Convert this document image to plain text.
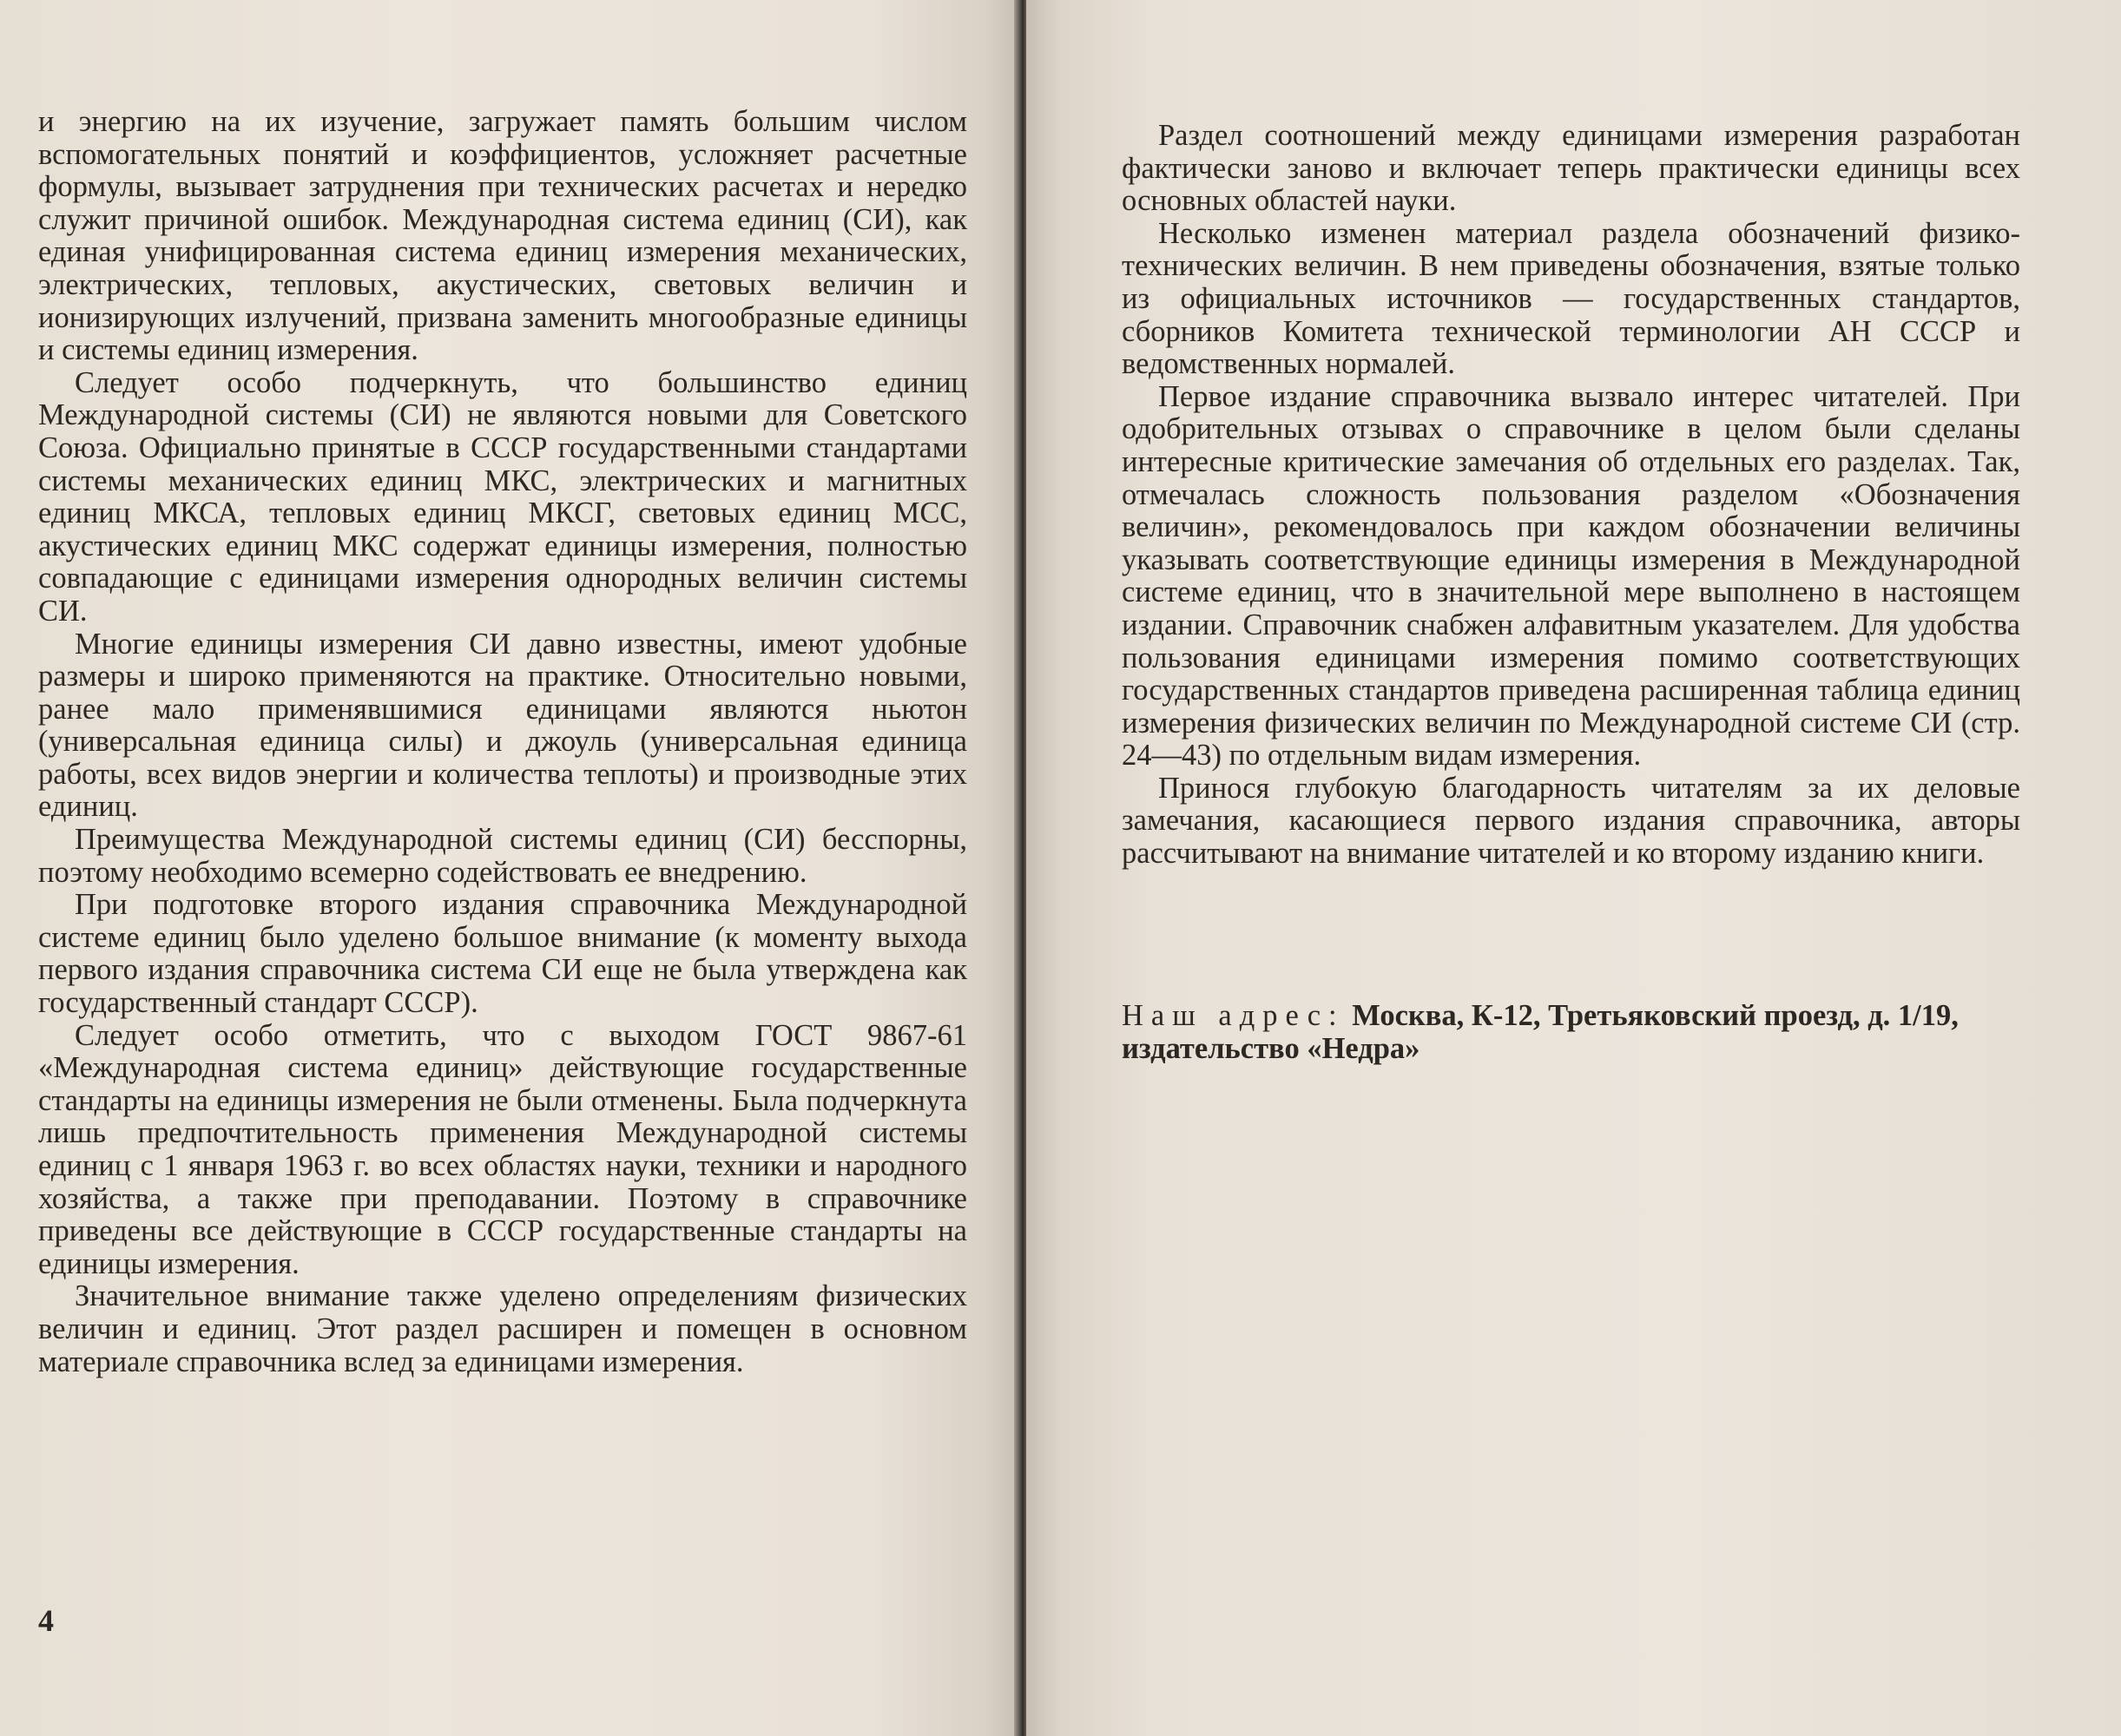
и энергию на их изучение, загружает память большим числом вспомогательных понятий и коэффициентов, усложняет расчетные формулы, вызывает затруднения при технических расчетах и нередко служит причиной ошибок. Международная система единиц (СИ), как единая унифицированная система единиц измерения механических, электрических, тепловых, акустических, световых величин и ионизирующих излучений, призвана заменить многообразные единицы и системы единиц измерения.

Следует особо подчеркнуть, что большинство единиц Международной системы (СИ) не являются новыми для Советского Союза. Официально принятые в СССР государственными стандартами системы механических единиц МКС, электрических и магнитных единиц МКСА, тепловых единиц МКСГ, световых единиц МСС, акустических единиц МКС содержат единицы измерения, полностью совпадающие с единицами измерения однородных величин системы СИ.

Многие единицы измерения СИ давно известны, имеют удобные размеры и широко применяются на практике. Относительно новыми, ранее мало применявшимися единицами являются ньютон (универсальная единица силы) и джоуль (универсальная единица работы, всех видов энергии и количества теплоты) и производные этих единиц.

Преимущества Международной системы единиц (СИ) бесспорны, поэтому необходимо всемерно содействовать ее внедрению.

При подготовке второго издания справочника Международной системе единиц было уделено большое внимание (к моменту выхода первого издания справочника система СИ еще не была утверждена как государственный стандарт СССР).

Следует особо отметить, что с выходом ГОСТ 9867-61 «Международная система единиц» действующие государственные стандарты на единицы измерения не были отменены. Была подчеркнута лишь предпочтительность применения Международной системы единиц с 1 января 1963 г. во всех областях науки, техники и народного хозяйства, а также при преподавании. Поэтому в справочнике приведены все действующие в СССР государственные стандарты на единицы измерения.

Значительное внимание также уделено определениям физических величин и единиц. Этот раздел расширен и помещен в основном материале справочника вслед за единицами измерения.

4

Раздел соотношений между единицами измерения разработан фактически заново и включает теперь практически единицы всех основных областей науки.

Несколько изменен материал раздела обозначений физико-технических величин. В нем приведены обозначения, взятые только из официальных источников — государственных стандартов, сборников Комитета технической терминологии АН СССР и ведомственных нормалей.

Первое издание справочника вызвало интерес читателей. При одобрительных отзывах о справочнике в целом были сделаны интересные критические замечания об отдельных его разделах. Так, отмечалась сложность пользования разделом «Обозначения величин», рекомендовалось при каждом обозначении величины указывать соответствующие единицы измерения в Международной системе единиц, что в значительной мере выполнено в настоящем издании. Справочник снабжен алфавитным указателем. Для удобства пользования единицами измерения помимо соответствующих государственных стандартов приведена расширенная таблица единиц измерения физических величин по Международной системе СИ (стр. 24—43) по отдельным видам измерения.

Принося глубокую благодарность читателям за их деловые замечания, касающиеся первого издания справочника, авторы рассчитывают на внимание читателей и ко второму изданию книги.

Наш адрес: Москва, К-12, Третьяковский проезд, д. 1/19, издательство «Недра»
